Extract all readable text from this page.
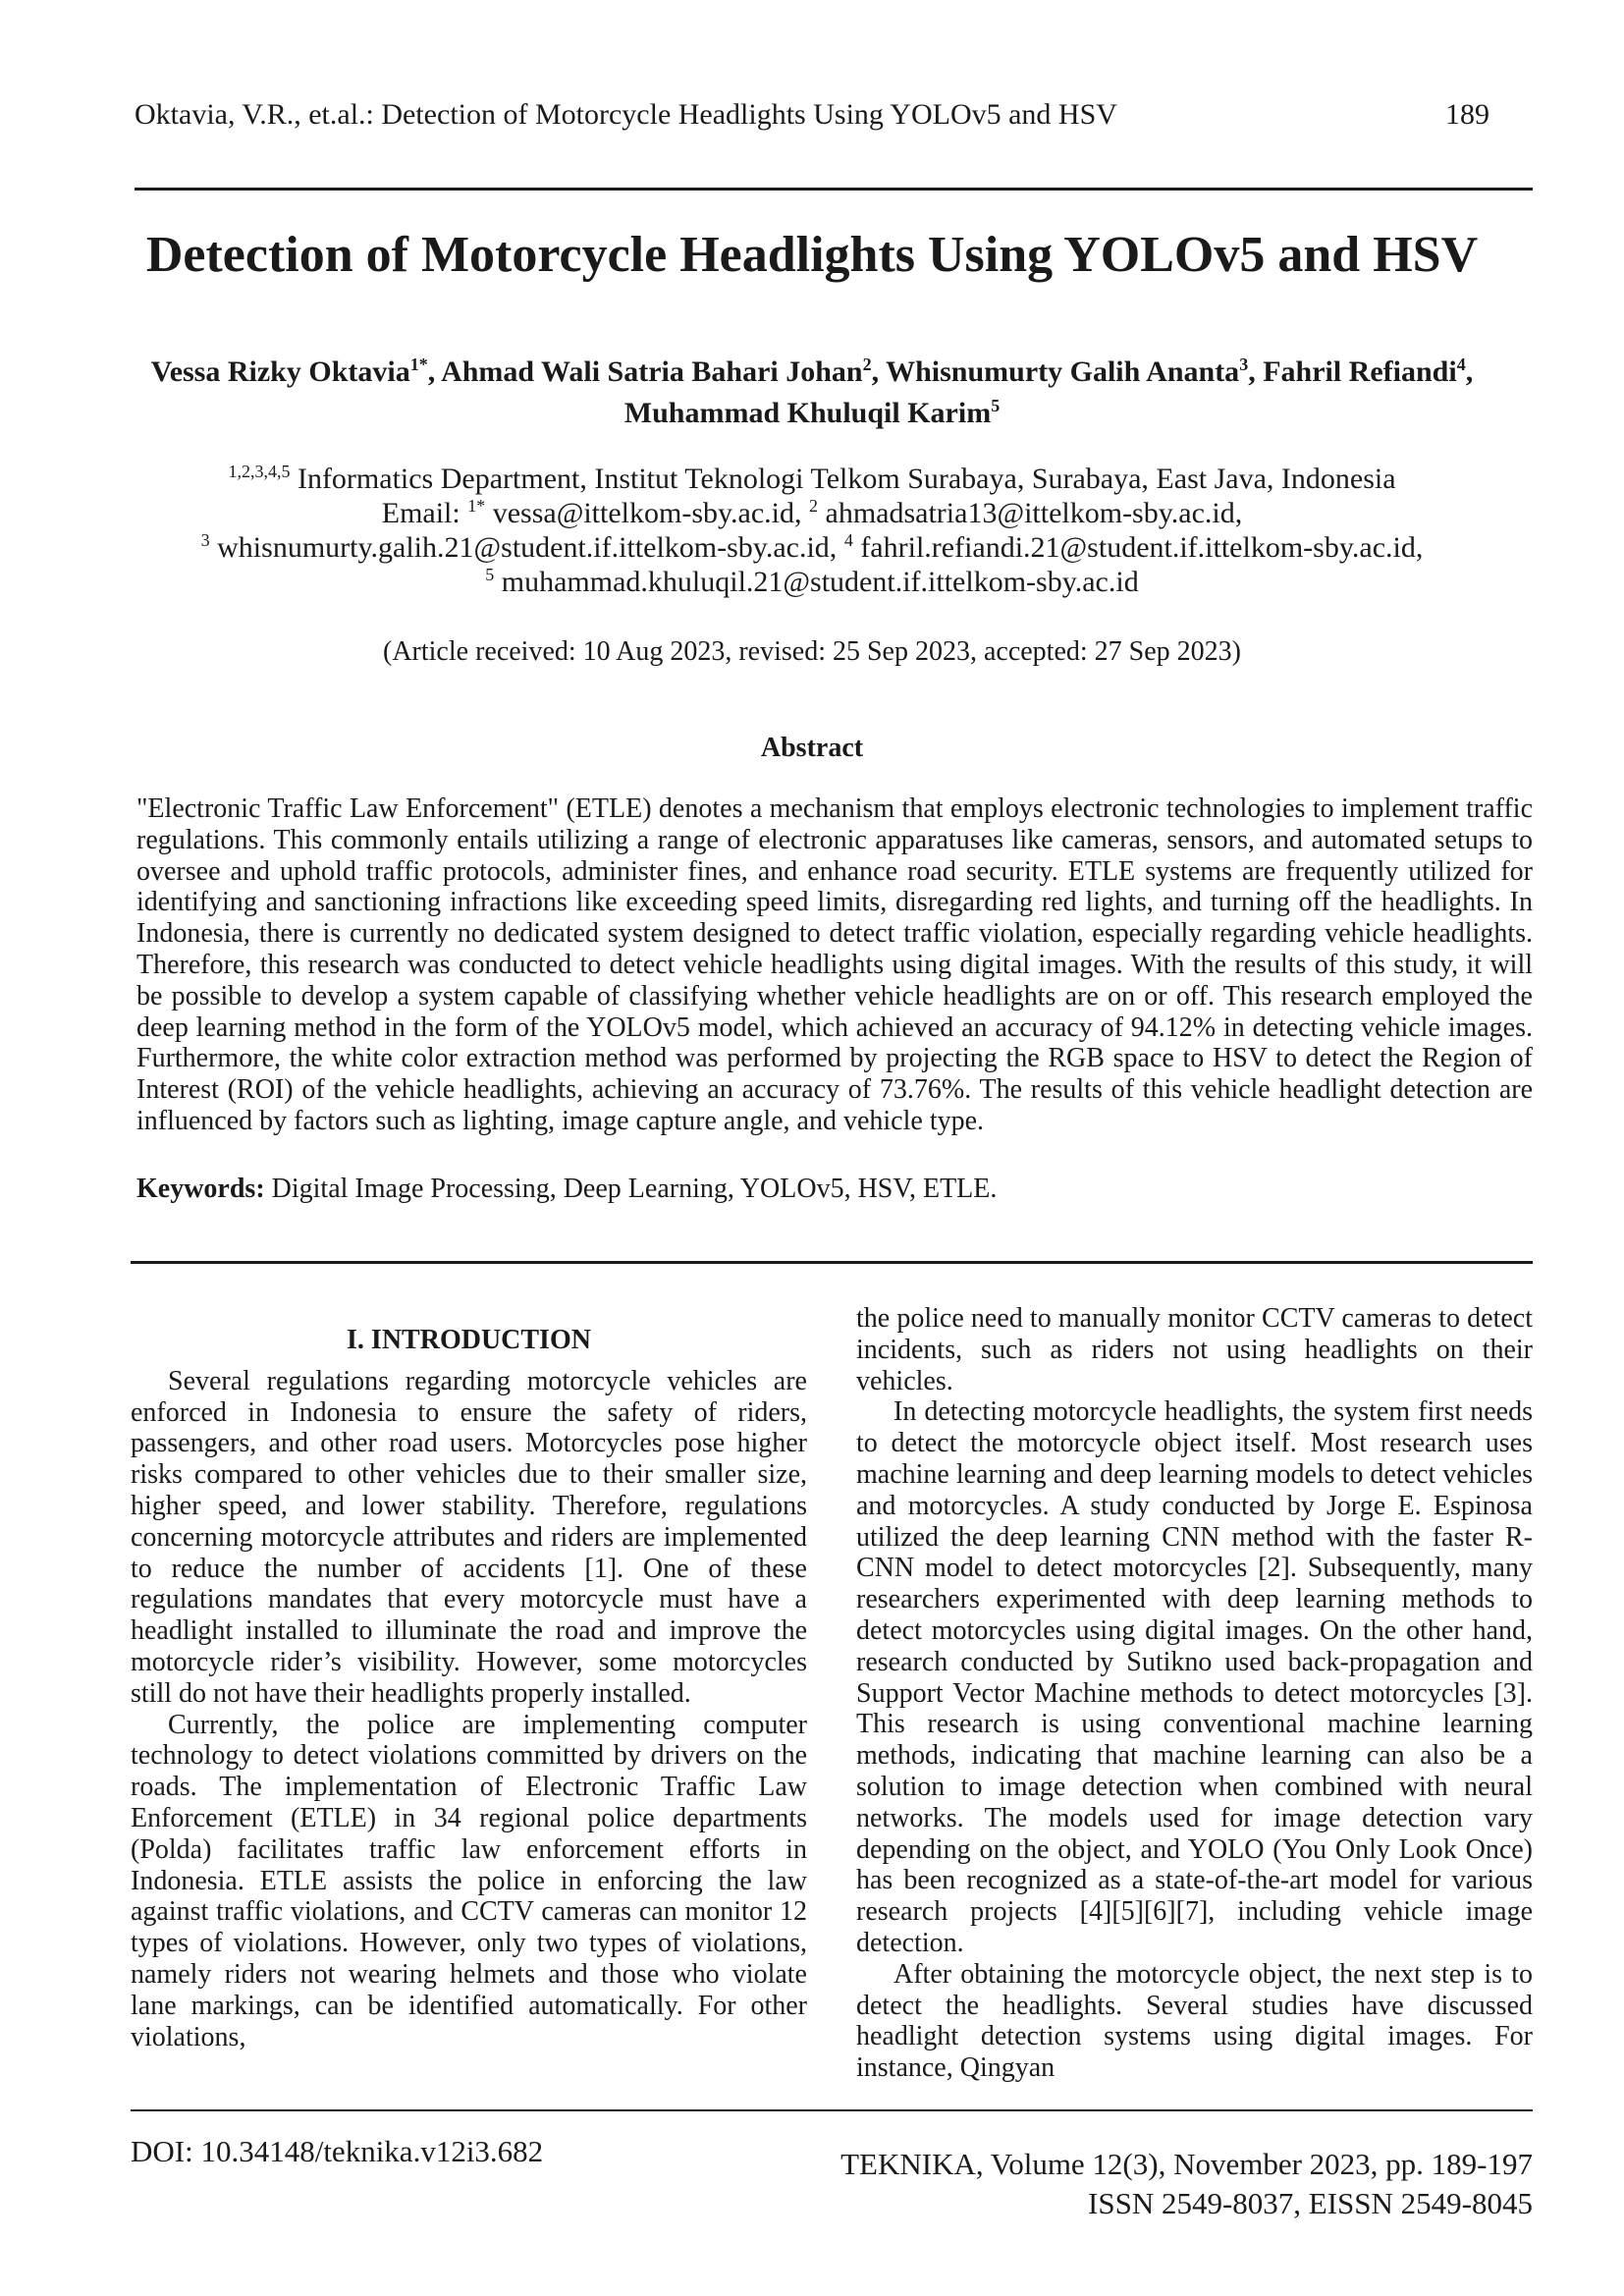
Oktavia, V.R., et.al.: Detection of Motorcycle Headlights Using YOLOv5 and HSV	189
Detection of Motorcycle Headlights Using YOLOv5 and HSV
Vessa Rizky Oktavia$^{1*}$, Ahmad Wali Satria Bahari Johan$^2$, Whisnumurty Galih Ananta$^3$, Fahril Refiandi$^4$,
Muhammad Khuluqil Karim$^5$
$^{1,2,3,4,5}$ Informatics Department, Institut Teknologi Telkom Surabaya, Surabaya, East Java, Indonesia
Email: $^{1*}$ vessa@ittelkom-sby.ac.id, $^2$ ahmadsatria13@ittelkom-sby.ac.id,
$^3$ whisnumurty.galih.21@student.if.ittelkom-sby.ac.id, $^4$ fahril.refiandi.21@student.if.ittelkom-sby.ac.id,
$^5$ muhammad.khuluqil.21@student.if.ittelkom-sby.ac.id
(Article received: 10 Aug 2023, revised: 25 Sep 2023, accepted: 27 Sep 2023)
Abstract
"Electronic Traffic Law Enforcement" (ETLE) denotes a mechanism that employs electronic technologies to implement traffic regulations. This commonly entails utilizing a range of electronic apparatuses like cameras, sensors, and automated setups to oversee and uphold traffic protocols, administer fines, and enhance road security. ETLE systems are frequently utilized for identifying and sanctioning infractions like exceeding speed limits, disregarding red lights, and turning off the headlights. In Indonesia, there is currently no dedicated system designed to detect traffic violation, especially regarding vehicle headlights. Therefore, this research was conducted to detect vehicle headlights using digital images. With the results of this study, it will be possible to develop a system capable of classifying whether vehicle headlights are on or off. This research employed the deep learning method in the form of the YOLOv5 model, which achieved an accuracy of 94.12% in detecting vehicle images. Furthermore, the white color extraction method was performed by projecting the RGB space to HSV to detect the Region of Interest (ROI) of the vehicle headlights, achieving an accuracy of 73.76%. The results of this vehicle headlight detection are influenced by factors such as lighting, image capture angle, and vehicle type.
Keywords: Digital Image Processing, Deep Learning, YOLOv5, HSV, ETLE.
I. INTRODUCTION

Several regulations regarding motorcycle vehicles are enforced in Indonesia to ensure the safety of riders, passengers, and other road users. Motorcycles pose higher risks compared to other vehicles due to their smaller size, higher speed, and lower stability. Therefore, regulations concerning motorcycle attributes and riders are implemented to reduce the number of accidents [1]. One of these regulations mandates that every motorcycle must have a headlight installed to illuminate the road and improve the motorcycle rider’s visibility. However, some motorcycles still do not have their headlights properly installed.

Currently, the police are implementing computer technology to detect violations committed by drivers on the roads. The implementation of Electronic Traffic Law Enforcement (ETLE) in 34 regional police departments (Polda) facilitates traffic law enforcement efforts in Indonesia. ETLE assists the police in enforcing the law against traffic violations, and CCTV cameras can monitor 12 types of violations. However, only two types of violations, namely riders not wearing helmets and those who violate lane markings, can be identified automatically. For other violations,

the police need to manually monitor CCTV cameras to detect incidents, such as riders not using headlights on their vehicles.

In detecting motorcycle headlights, the system first needs to detect the motorcycle object itself. Most research uses machine learning and deep learning models to detect vehicles and motorcycles. A study conducted by Jorge E. Espinosa utilized the deep learning CNN method with the faster R-CNN model to detect motorcycles [2]. Subsequently, many researchers experimented with deep learning methods to detect motorcycles using digital images. On the other hand, research conducted by Sutikno used back-propagation and Support Vector Machine methods to detect motorcycles [3]. This research is using conventional machine learning methods, indicating that machine learning can also be a solution to image detection when combined with neural networks. The models used for image detection vary depending on the object, and YOLO (You Only Look Once) has been recognized as a state-of-the-art model for various research projects [4][5][6][7], including vehicle image detection.

After obtaining the motorcycle object, the next step is to detect the headlights. Several studies have discussed headlight detection systems using digital images. For instance, Qingyan

DOI: 10.34148/teknika.v12i3.682	TEKNIKA, Volume 12(3), November 2023, pp. 189-197
ISSN 2549-8037, EISSN 2549-8045
